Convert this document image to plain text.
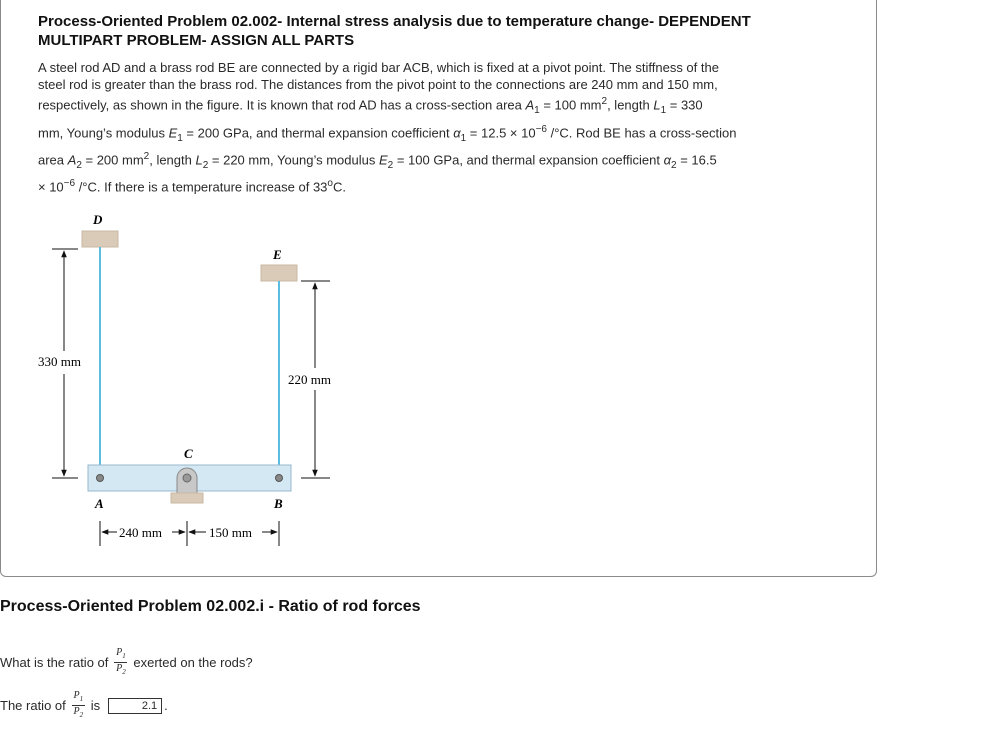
Process-Oriented Problem 02.002- Internal stress analysis due to temperature change- DEPENDENT
MULTIPART PROBLEM- ASSIGN ALL PARTS
A steel rod AD and a brass rod BE are connected by a rigid bar ACB, which is fixed at a pivot point. The stiffness of the
steel rod is greater than the brass rod. The distances from the pivot point to the connections are 240 mm and 150 mm,
respectively, as shown in the figure. It is known that rod AD has a cross-section area $A_1 = 100$ $mm^2$, length $L_1 = 330$
mm, Young’s modulus $E_1 = 200$ GPa, and thermal expansion coefficient $\alpha_1 = 12.5 \times 10^{-6}$ /°C. Rod BE has a cross-section
area $A_2 = 200$ $mm^2$, length $L_2 = 220$ mm, Young’s modulus $E_2 = 100$ GPa, and thermal expansion coefficient $\alpha_2 = 16.5$
× $10^{-6}$ /°C. If there is a temperature increase of 33$^o$C.
330 mm
220 mm
240 mm	150 mm
D
E
C
A	B
Process-Oriented Problem 02.002.i - Ratio of rod forces
What is the ratio of $\frac{P_1}{P_2}$ exerted on the rods?
The ratio of $\frac{P_1}{P_2}$ is	2.1 .
